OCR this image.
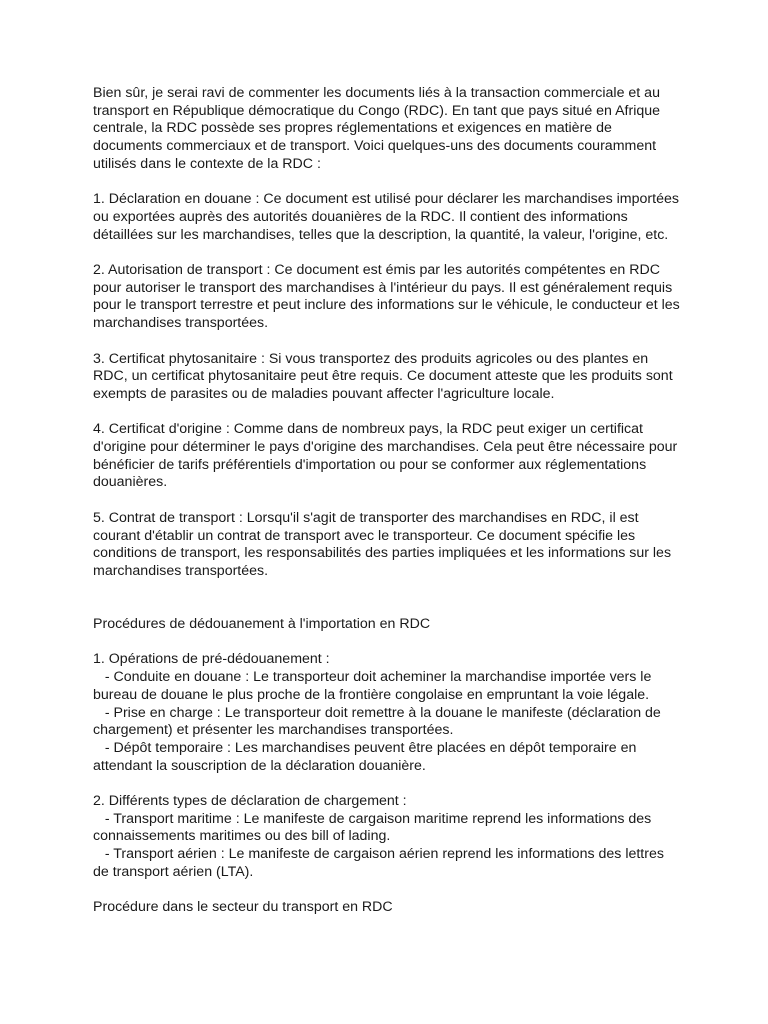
Bien sûr, je serai ravi de commenter les documents liés à la transaction commerciale et au transport en République démocratique du Congo (RDC). En tant que pays situé en Afrique centrale, la RDC possède ses propres réglementations et exigences en matière de documents commerciaux et de transport. Voici quelques-uns des documents couramment utilisés dans le contexte de la RDC :

1. Déclaration en douane : Ce document est utilisé pour déclarer les marchandises importées ou exportées auprès des autorités douanières de la RDC. Il contient des informations détaillées sur les marchandises, telles que la description, la quantité, la valeur, l'origine, etc.

2. Autorisation de transport : Ce document est émis par les autorités compétentes en RDC pour autoriser le transport des marchandises à l'intérieur du pays. Il est généralement requis pour le transport terrestre et peut inclure des informations sur le véhicule, le conducteur et les marchandises transportées.

3. Certificat phytosanitaire : Si vous transportez des produits agricoles ou des plantes en RDC, un certificat phytosanitaire peut être requis. Ce document atteste que les produits sont exempts de parasites ou de maladies pouvant affecter l'agriculture locale.

4. Certificat d'origine : Comme dans de nombreux pays, la RDC peut exiger un certificat d'origine pour déterminer le pays d'origine des marchandises. Cela peut être nécessaire pour bénéficier de tarifs préférentiels d'importation ou pour se conformer aux réglementations douanières.

5. Contrat de transport : Lorsqu'il s'agit de transporter des marchandises en RDC, il est courant d'établir un contrat de transport avec le transporteur. Ce document spécifie les conditions de transport, les responsabilités des parties impliquées et les informations sur les marchandises transportées.

Procédures de dédouanement à l'importation en RDC

1. Opérations de pré-dédouanement :

- Conduite en douane : Le transporteur doit acheminer la marchandise importée vers le bureau de douane le plus proche de la frontière congolaise en empruntant la voie légale.

- Prise en charge : Le transporteur doit remettre à la douane le manifeste (déclaration de chargement) et présenter les marchandises transportées.

- Dépôt temporaire : Les marchandises peuvent être placées en dépôt temporaire en attendant la souscription de la déclaration douanière.

2. Différents types de déclaration de chargement :

- Transport maritime : Le manifeste de cargaison maritime reprend les informations des connaissements maritimes ou des bill of lading.

- Transport aérien : Le manifeste de cargaison aérien reprend les informations des lettres de transport aérien (LTA).

Procédure dans le secteur du transport en RDC
